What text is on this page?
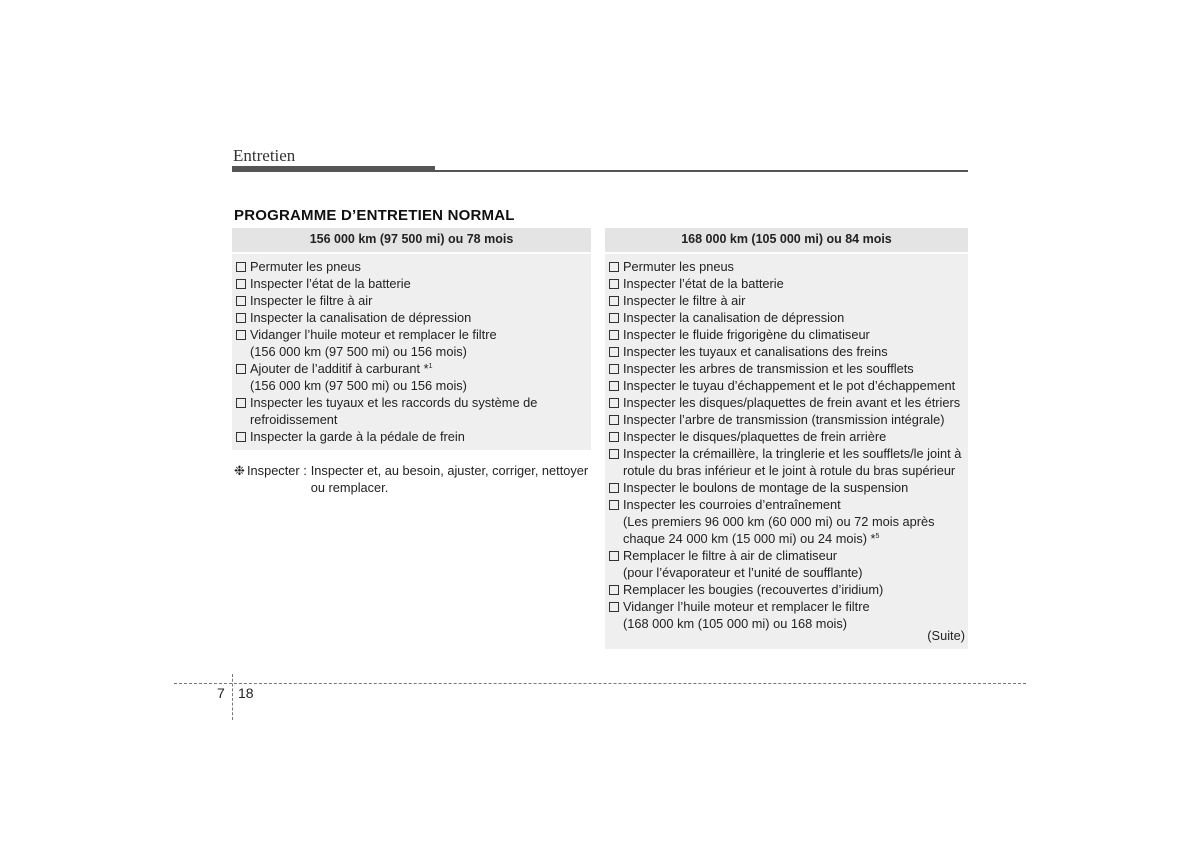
Entretien
PROGRAMME D’ENTRETIEN NORMAL
156 000 km (97 500 mi) ou 78 mois
Permuter les pneus
Inspecter l’état de la batterie
Inspecter le filtre à air
Inspecter la canalisation de dépression
Vidanger l’huile moteur et remplacer le filtre
(156 000 km (97 500 mi) ou 156 mois)
Ajouter de l’additif à carburant *$^1$
(156 000 km (97 500 mi) ou 156 mois)
Inspecter les tuyaux et les raccords du système de
refroidissement
Inspecter la garde à la pédale de frein
❉ Inspecter : Inspecter et, au besoin, ajuster, corriger, nettoyer ou remplacer.
168 000 km (105 000 mi) ou 84 mois
Permuter les pneus
Inspecter l’état de la batterie
Inspecter le filtre à air
Inspecter la canalisation de dépression
Inspecter le fluide frigorigène du climatiseur
Inspecter les tuyaux et canalisations des freins
Inspecter les arbres de transmission et les soufflets
Inspecter le tuyau d’échappement et le pot d’échappement
Inspecter les disques/plaquettes de frein avant et les étriers
Inspecter l’arbre de transmission (transmission intégrale)
Inspecter le disques/plaquettes de frein arrière
Inspecter la crémaillère, la tringlerie et les soufflets/le joint à
rotule du bras inférieur et le joint à rotule du bras supérieur
Inspecter le boulons de montage de la suspension
Inspecter les courroies d’entraînement
(Les premiers 96 000 km (60 000 mi) ou 72 mois après
chaque 24 000 km (15 000 mi) ou 24 mois) *$^5$
Remplacer le filtre à air de climatiseur
(pour l’évaporateur et l’unité de soufflante)
Remplacer les bougies (recouvertes d’iridium)
Vidanger l’huile moteur et remplacer le filtre
(168 000 km (105 000 mi) ou 168 mois)
(Suite)
7 18
